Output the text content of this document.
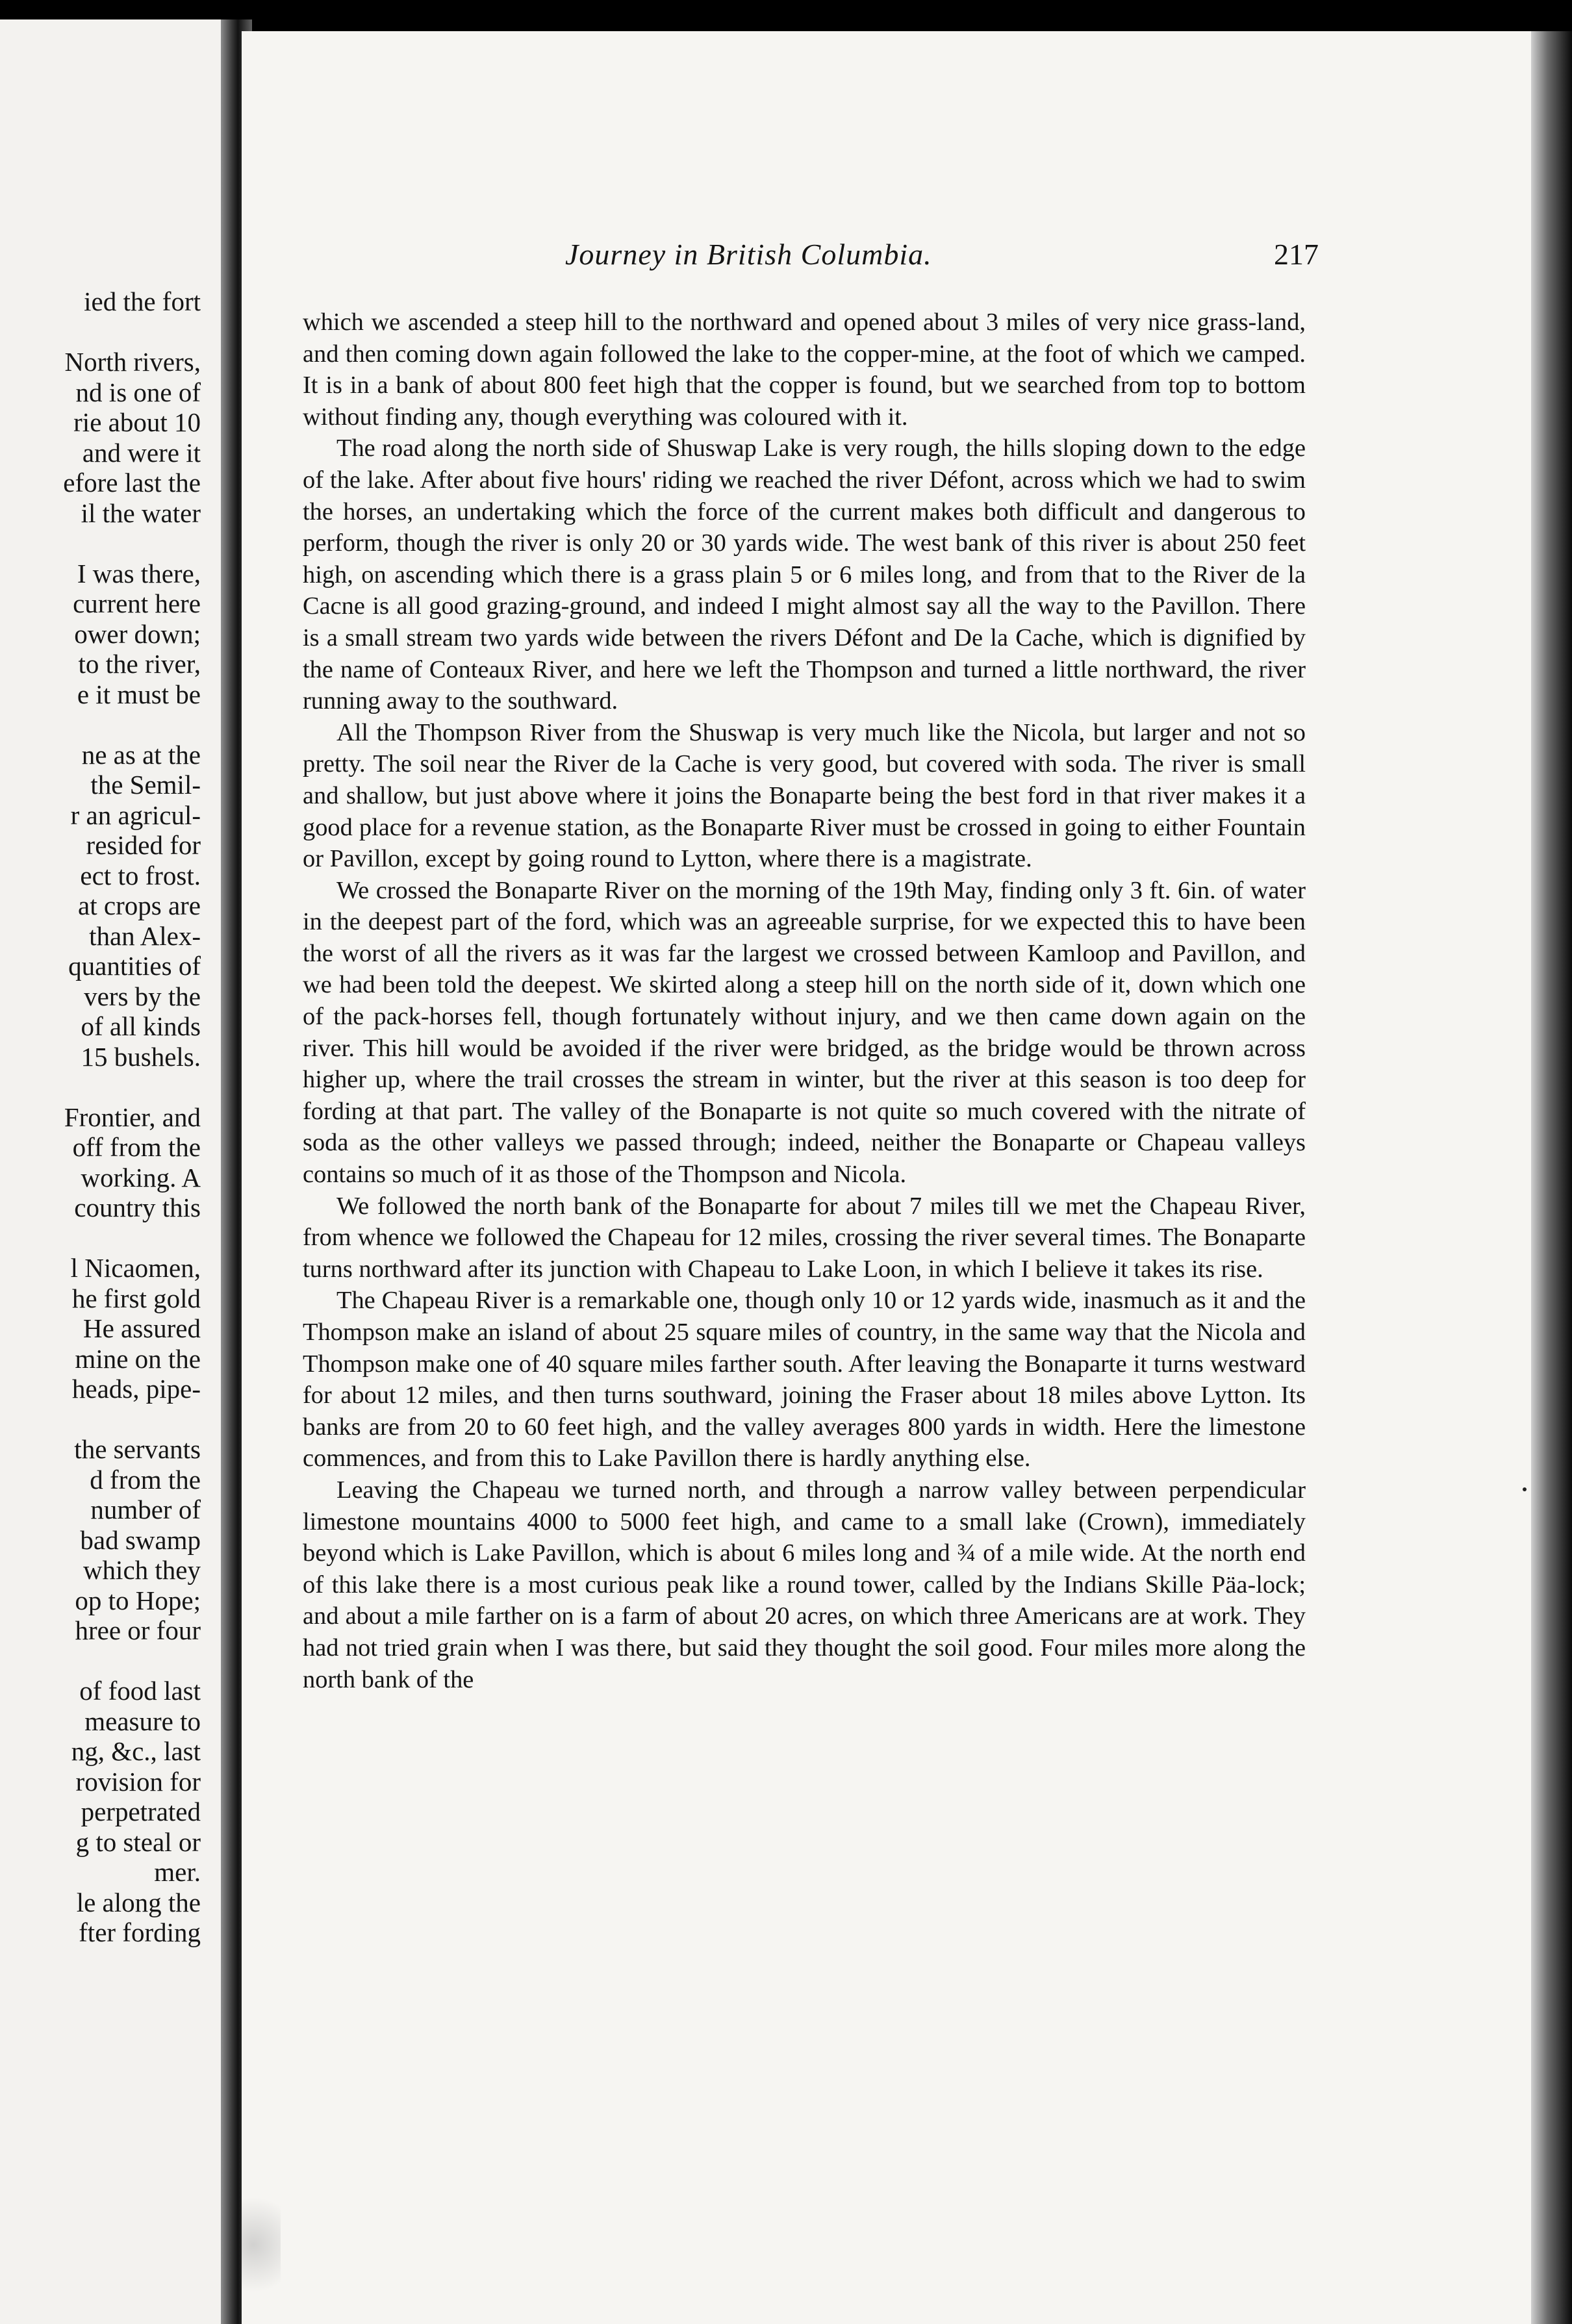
ied the fort
North rivers,
nd is one of
rie about 10
and were it
efore last the
il the water
I was there,
current here
ower down;
to the river,
e it must be
ne as at the
the Semil-
r an agricul-
resided for
ect to frost.
at crops are
than Alex-
quantities of
vers by the
of all kinds
15 bushels.
Frontier, and
off from the
working. A
country this
l Nicaomen,
he first gold
He assured
mine on the
heads, pipe-
the servants
d from the
number of
bad swamp
which they
op to Hope;
hree or four
of food last
measure to
ng, &c., last
rovision for
perpetrated
g to steal or
mer.
le along the
fter fording
Journey in British Columbia.	217

which we ascended a steep hill to the northward and opened about 3 miles of very nice grass-land, and then coming down again followed the lake to the copper-mine, at the foot of which we camped. It is in a bank of about 800 feet high that the copper is found, but we searched from top to bottom without finding any, though everything was coloured with it.

The road along the north side of Shuswap Lake is very rough, the hills sloping down to the edge of the lake. After about five hours' riding we reached the river Défont, across which we had to swim the horses, an undertaking which the force of the current makes both difficult and dangerous to perform, though the river is only 20 or 30 yards wide. The west bank of this river is about 250 feet high, on ascending which there is a grass plain 5 or 6 miles long, and from that to the River de la Cacne is all good grazing-ground, and indeed I might almost say all the way to the Pavillon. There is a small stream two yards wide between the rivers Défont and De la Cache, which is dignified by the name of Conteaux River, and here we left the Thompson and turned a little northward, the river running away to the southward.

All the Thompson River from the Shuswap is very much like the Nicola, but larger and not so pretty. The soil near the River de la Cache is very good, but covered with soda. The river is small and shallow, but just above where it joins the Bonaparte being the best ford in that river makes it a good place for a revenue station, as the Bonaparte River must be crossed in going to either Fountain or Pavillon, except by going round to Lytton, where there is a magistrate.

We crossed the Bonaparte River on the morning of the 19th May, finding only 3 ft. 6in. of water in the deepest part of the ford, which was an agreeable surprise, for we expected this to have been the worst of all the rivers as it was far the largest we crossed between Kamloop and Pavillon, and we had been told the deepest. We skirted along a steep hill on the north side of it, down which one of the pack-horses fell, though fortunately without injury, and we then came down again on the river. This hill would be avoided if the river were bridged, as the bridge would be thrown across higher up, where the trail crosses the stream in winter, but the river at this season is too deep for fording at that part. The valley of the Bonaparte is not quite so much covered with the nitrate of soda as the other valleys we passed through; indeed, neither the Bonaparte or Chapeau valleys contains so much of it as those of the Thompson and Nicola.

We followed the north bank of the Bonaparte for about 7 miles till we met the Chapeau River, from whence we followed the Chapeau for 12 miles, crossing the river several times. The Bonaparte turns northward after its junction with Chapeau to Lake Loon, in which I believe it takes its rise.

The Chapeau River is a remarkable one, though only 10 or 12 yards wide, inasmuch as it and the Thompson make an island of about 25 square miles of country, in the same way that the Nicola and Thompson make one of 40 square miles farther south. After leaving the Bonaparte it turns westward for about 12 miles, and then turns southward, joining the Fraser about 18 miles above Lytton. Its banks are from 20 to 60 feet high, and the valley averages 800 yards in width. Here the limestone commences, and from this to Lake Pavillon there is hardly anything else.

Leaving the Chapeau we turned north, and through a narrow valley between perpendicular limestone mountains 4000 to 5000 feet high, and came to a small lake (Crown), immediately beyond which is Lake Pavillon, which is about 6 miles long and ¾ of a mile wide. At the north end of this lake there is a most curious peak like a round tower, called by the Indians Skille Päa-lock; and about a mile farther on is a farm of about 20 acres, on which three Americans are at work. They had not tried grain when I was there, but said they thought the soil good. Four miles more along the north bank of the
